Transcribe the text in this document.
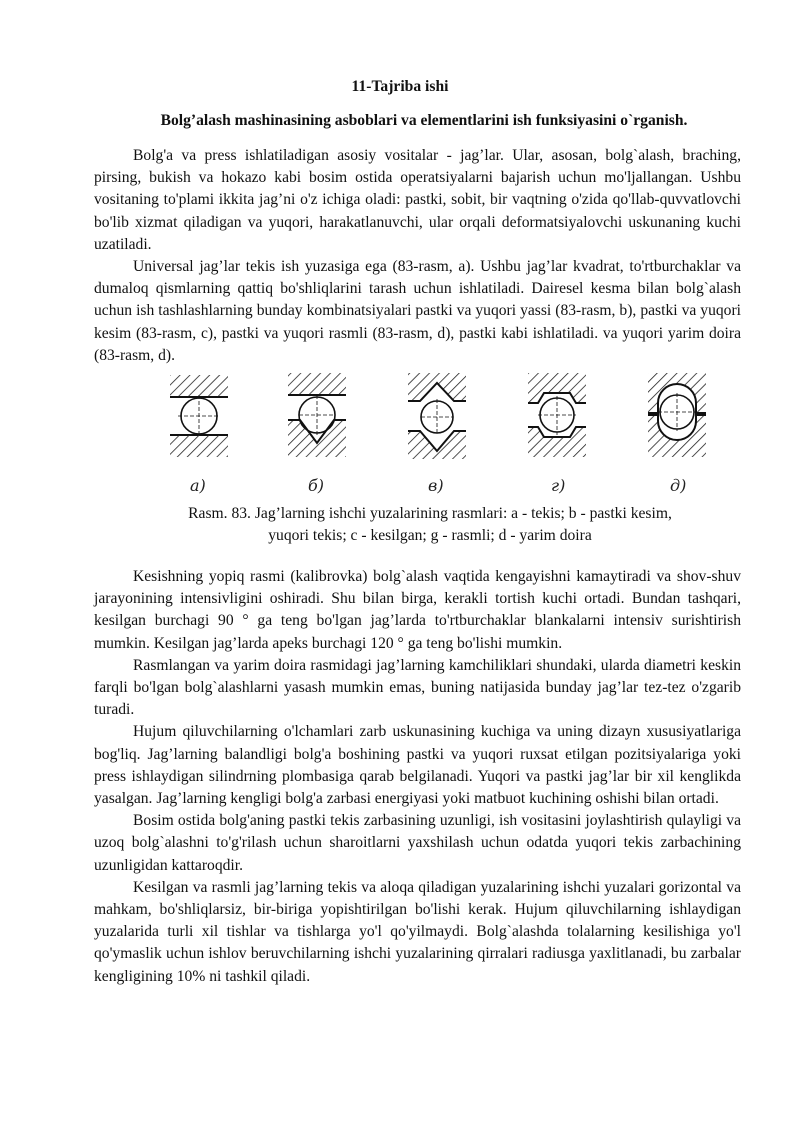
11-Tajriba ishi
Bolg’alash mashinasining asboblari va elementlarini ish funksiyasini o`rganish.

Bolg'a va press ishlatiladigan asosiy vositalar - jag’lar. Ular, asosan, bolg`alash, braching, pirsing, bukish va hokazo kabi bosim ostida operatsiyalarni bajarish uchun mo'ljallangan. Ushbu vositaning to'plami ikkita jag’ni o'z ichiga oladi: pastki, sobit, bir vaqtning o'zida qo'llab-quvvatlovchi bo'lib xizmat qiladigan va yuqori, harakatlanuvchi, ular orqali deformatsiyalovchi uskunaning kuchi uzatiladi.

Universal jag’lar tekis ish yuzasiga ega (83-rasm, a). Ushbu jag’lar kvadrat, to'rtburchaklar va dumaloq qismlarning qattiq bo'shliqlarini tarash uchun ishlatiladi. Dairesel kesma bilan bolg`alash uchun ish tashlashlarning bunday kombinatsiyalari pastki va yuqori yassi (83-rasm, b), pastki va yuqori kesim (83-rasm, c), pastki va yuqori rasmli (83-rasm, d), pastki kabi ishlatiladi. va yuqori yarim doira (83-rasm, d).

а)	б)	в)	г)	д)
Rasm. 83. Jag’larning ishchi yuzalarining rasmlari: a - tekis; b - pastki kesim,
yuqori tekis; c - kesilgan; g - rasmli; d - yarim doira

Kesishning yopiq rasmi (kalibrovka) bolg`alash vaqtida kengayishni kamaytiradi va shov-shuv jarayonining intensivligini oshiradi. Shu bilan birga, kerakli tortish kuchi ortadi. Bundan tashqari, kesilgan burchagi 90 ° ga teng bo'lgan jag’larda to'rtburchaklar blankalarni intensiv surishtirish mumkin. Kesilgan jag’larda apeks burchagi 120 ° ga teng bo'lishi mumkin.

Rasmlangan va yarim doira rasmidagi jag’larning kamchiliklari shundaki, ularda diametri keskin farqli bo'lgan bolg`alashlarni yasash mumkin emas, buning natijasida bunday jag’lar tez-tez o'zgarib turadi.

Hujum qiluvchilarning o'lchamlari zarb uskunasining kuchiga va uning dizayn xususiyatlariga bog'liq. Jag’larning balandligi bolg'a boshining pastki va yuqori ruxsat etilgan pozitsiyalariga yoki press ishlaydigan silindrning plombasiga qarab belgilanadi. Yuqori va pastki jag’lar bir xil kenglikda yasalgan. Jag’larning kengligi bolg'a zarbasi energiyasi yoki matbuot kuchining oshishi bilan ortadi.

Bosim ostida bolg'aning pastki tekis zarbasining uzunligi, ish vositasini joylashtirish qulayligi va uzoq bolg`alashni to'g'rilash uchun sharoitlarni yaxshilash uchun odatda yuqori tekis zarbachining uzunligidan kattaroqdir.

Kesilgan va rasmli jag’larning tekis va aloqa qiladigan yuzalarining ishchi yuzalari gorizontal va mahkam, bo'shliqlarsiz, bir-biriga yopishtirilgan bo'lishi kerak. Hujum qiluvchilarning ishlaydigan yuzalarida turli xil tishlar va tishlarga yo'l qo'yilmaydi. Bolg`alashda tolalarning kesilishiga yo'l qo'ymaslik uchun ishlov beruvchilarning ishchi yuzalarining qirralari radiusga yaxlitlanadi, bu zarbalar kengligining 10% ni tashkil qiladi.
